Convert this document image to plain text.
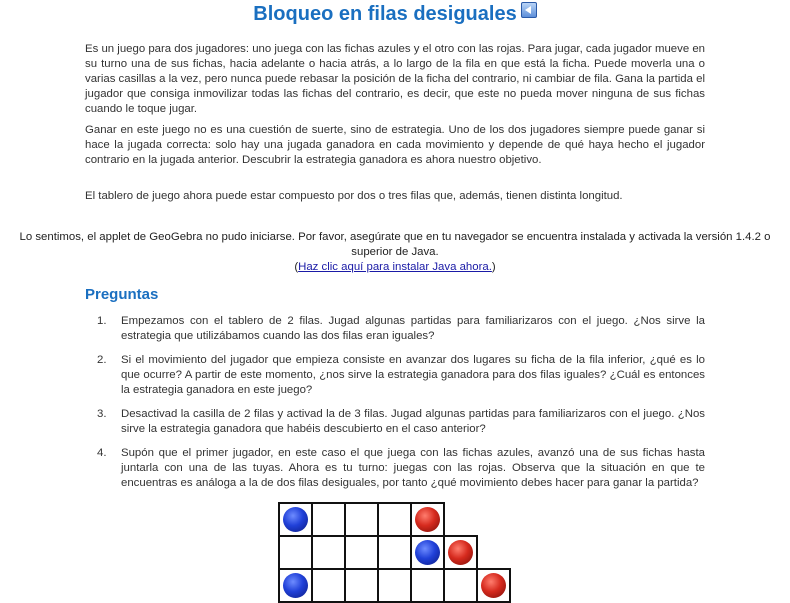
Bloqueo en filas desiguales

Es un juego para dos jugadores: uno juega con las fichas azules y el otro con las rojas. Para jugar, cada jugador mueve en su turno una de sus fichas, hacia adelante o hacia atrás, a lo largo de la fila en que está la ficha. Puede moverla una o varias casillas a la vez, pero nunca puede rebasar la posición de la ficha del contrario, ni cambiar de fila. Gana la partida el jugador que consiga inmovilizar todas las fichas del contrario, es decir, que este no pueda mover ninguna de sus fichas cuando le toque jugar.

Ganar en este juego no es una cuestión de suerte, sino de estrategia. Uno de los dos jugadores siempre puede ganar si hace la jugada correcta: solo hay una jugada ganadora en cada movimiento y depende de qué haya hecho el jugador contrario en la jugada anterior. Descubrir la estrategia ganadora es ahora nuestro objetivo.

El tablero de juego ahora puede estar compuesto por dos o tres filas que, además, tienen distinta longitud.

Lo sentimos, el applet de GeoGebra no pudo iniciarse. Por favor, asegúrate que en tu navegador se encuentra instalada y activada la versión 1.4.2 o superior de Java.
(Haz clic aquí para instalar Java ahora.)
Preguntas
1. Empezamos con el tablero de 2 filas. Jugad algunas partidas para familiarizaros con el juego. ¿Nos sirve la estrategia que utilizábamos cuando las dos filas eran iguales?
2. Si el movimiento del jugador que empieza consiste en avanzar dos lugares su ficha de la fila inferior, ¿qué es lo que ocurre? A partir de este momento, ¿nos sirve la estrategia ganadora para dos filas iguales? ¿Cuál es entonces la estrategia ganadora en este juego?
3. Desactivad la casilla de 2 filas y activad la de 3 filas. Jugad algunas partidas para familiarizaros con el juego. ¿Nos sirve la estrategia ganadora que habéis descubierto en el caso anterior?
4. Supón que el primer jugador, en este caso el que juega con las fichas azules, avanzó una de sus fichas hasta juntarla con una de las tuyas. Ahora es tu turno: juegas con las rojas. Observa que la situación en que te encuentras es análoga a la de dos filas desiguales, por tanto ¿qué movimiento debes hacer para ganar la partida?
